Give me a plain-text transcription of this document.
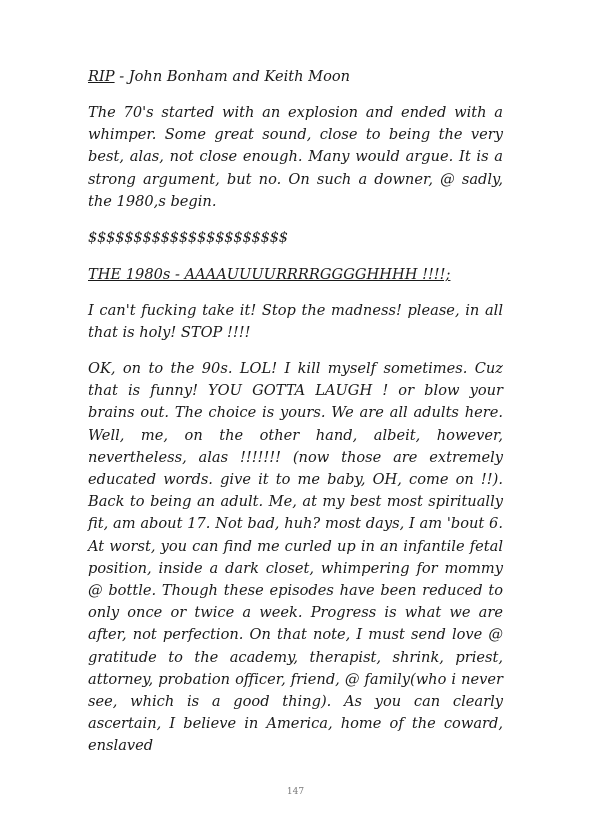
RIP - John Bonham and Keith Moon
The 70's started with an explosion and ended with a whimper. Some great sound, close to being the very best, alas, not close enough. Many would argue. It is a strong argument, but no. On such a downer, @ sadly, the 1980,s begin.
$$$$$$$$$$$$$$$$$$$$$$
THE 1980s - AAAAUUUURRRRGGGGHHHH !!!!;
I can't fucking take it! Stop the madness! please, in all that is holy! STOP !!!!
OK, on to the 90s. LOL! I kill myself sometimes. Cuz that is funny! YOU GOTTA LAUGH ! or blow your brains out. The choice is yours. We are all adults here. Well, me, on the other hand, albeit, however, nevertheless, alas !!!!!!! (now those are extremely educated words. give it to me baby, OH, come on !!). Back to being an adult. Me, at my best most spiritually fit, am about 17. Not bad, huh? most days, I am 'bout 6. At worst, you can find me curled up in an infantile fetal position, inside a dark closet, whimpering for mommy @ bottle. Though these episodes have been reduced to only once or twice a week. Progress is what we are after, not perfection. On that note, I must send love @ gratitude to the academy, therapist, shrink, priest, attorney, probation officer, friend, @ family(who i never see, which is a good thing). As you can clearly ascertain, I believe in America, home of the coward, enslaved
147
